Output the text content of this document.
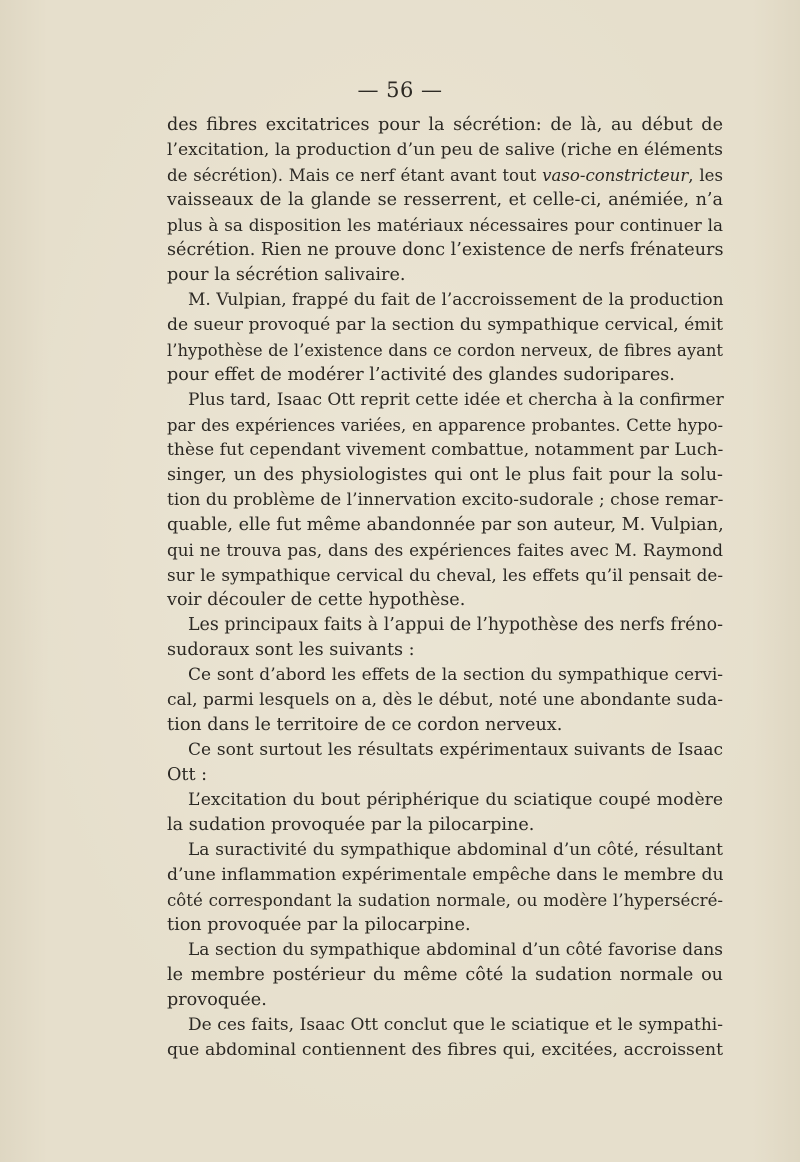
— 56 —
des fibres excitatrices pour la sécrétion: de là, au début de
l’excitation, la production d’un peu de salive (riche en éléments
de sécrétion). Mais ce nerf étant avant tout vaso-constricteur, les
vaisseaux de la glande se resserrent, et celle-ci, anémiée, n’a
plus à sa disposition les matériaux nécessaires pour continuer la
sécrétion. Rien ne prouve donc l’existence de nerfs frénateurs
pour la sécrétion salivaire.
M. Vulpian, frappé du fait de l’accroissement de la production
de sueur provoqué par la section du sympathique cervical, émit
l’hypothèse de l’existence dans ce cordon nerveux, de fibres ayant
pour effet de modérer l’activité des glandes sudoripares.
Plus tard, Isaac Ott reprit cette idée et chercha à la confirmer
par des expériences variées, en apparence probantes. Cette hypo-
thèse fut cependant vivement combattue, notamment par Luch-
singer, un des physiologistes qui ont le plus fait pour la solu-
tion du problème de l’innervation excito-sudorale ; chose remar-
quable, elle fut même abandonnée par son auteur, M. Vulpian,
qui ne trouva pas, dans des expériences faites avec M. Raymond
sur le sympathique cervical du cheval, les effets qu’il pensait de-
voir découler de cette hypothèse.
Les principaux faits à l’appui de l’hypothèse des nerfs fréno-
sudoraux sont les suivants :
Ce sont d’abord les effets de la section du sympathique cervi-
cal, parmi lesquels on a, dès le début, noté une abondante suda-
tion dans le territoire de ce cordon nerveux.
Ce sont surtout les résultats expérimentaux suivants de Isaac
Ott :
L’excitation du bout périphérique du sciatique coupé modère
la sudation provoquée par la pilocarpine.
La suractivité du sympathique abdominal d’un côté, résultant
d’une inflammation expérimentale empêche dans le membre du
côté correspondant la sudation normale, ou modère l’hypersécré-
tion provoquée par la pilocarpine.
La section du sympathique abdominal d’un côté favorise dans
le membre postérieur du même côté la sudation normale ou
provoquée.
De ces faits, Isaac Ott conclut que le sciatique et le sympathi-
que abdominal contiennent des fibres qui, excitées, accroissent
